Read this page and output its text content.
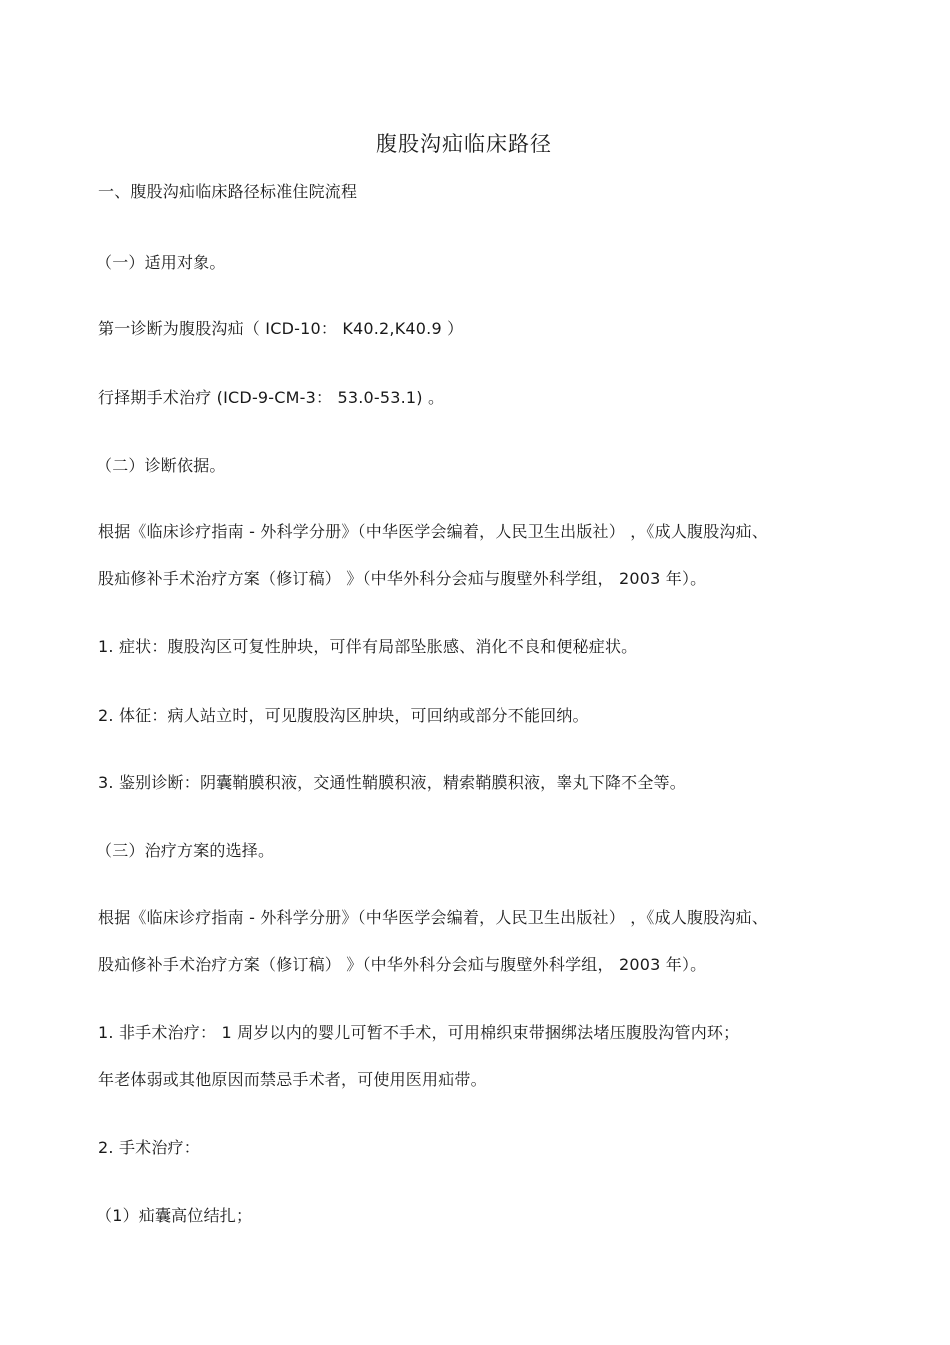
腹股沟疝临床路径
一、腹股沟疝临床路径标准住院流程
（一）适用对象。
第一诊断为腹股沟疝（ ICD-10： K40.2,K40.9 ）
行择期手术治疗 (ICD-9-CM-3： 53.0-53.1) 。
（二）诊断依据。
根据《临床诊疗指南 - 外科学分册》（中华医学会编着，人民卫生出版社） ，《成人腹股沟疝、
股疝修补手术治疗方案（修订稿） 》（中华外科分会疝与腹壁外科学组， 2003 年）。
1. 症状：腹股沟区可复性肿块，可伴有局部坠胀感、消化不良和便秘症状。
2. 体征：病人站立时，可见腹股沟区肿块，可回纳或部分不能回纳。
3. 鉴别诊断：阴囊鞘膜积液，交通性鞘膜积液，精索鞘膜积液，睾丸下降不全等。
（三）治疗方案的选择。
根据《临床诊疗指南 - 外科学分册》（中华医学会编着，人民卫生出版社） ，《成人腹股沟疝、
股疝修补手术治疗方案（修订稿） 》（中华外科分会疝与腹壁外科学组， 2003 年）。
1. 非手术治疗： 1 周岁以内的婴儿可暂不手术，可用棉织束带捆绑法堵压腹股沟管内环；
年老体弱或其他原因而禁忌手术者，可使用医用疝带。
2. 手术治疗：
（1）疝囊高位结扎；
